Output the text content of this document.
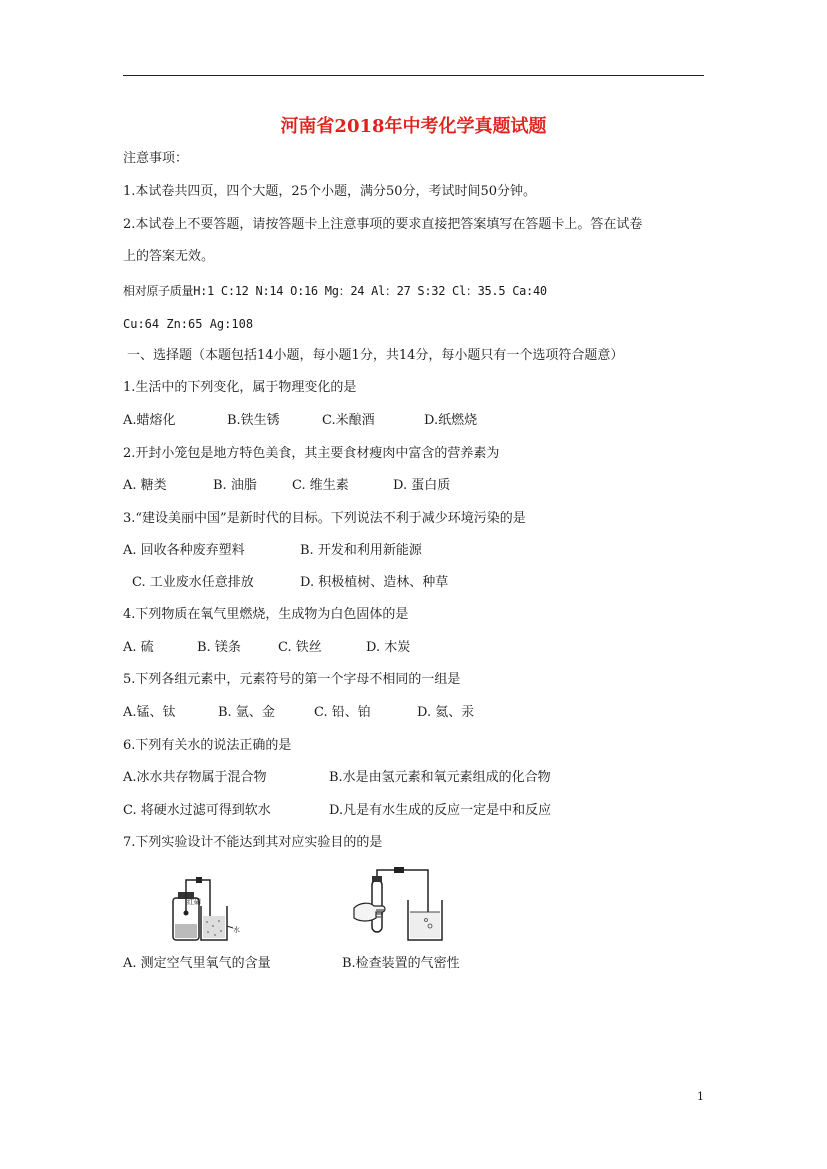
河南省2018年中考化学真题试题
注意事项：
1.本试卷共四页，四个大题，25个小题，满分50分，考试时间50分钟。
2.本试卷上不要答题，请按答题卡上注意事项的要求直接把答案填写在答题卡上。答在试卷
上的答案无效。
相对原子质量H:1 C:12 N:14 O:16 Mg：24 Al：27 S:32 Cl：35.5 Ca:40
Cu:64 Zn:65 Ag:108
一、选择题（本题包括14小题，每小题1分，共14分，每小题只有一个选项符合题意）
1.生活中的下列变化，属于物理变化的是
A.蜡熔化	B.铁生锈	C.米酿酒	D.纸燃烧
2.开封小笼包是地方特色美食，其主要食材瘦肉中富含的营养素为
A. 糖类	B. 油脂	C. 维生素	D. 蛋白质
3.“建设美丽中国”是新时代的目标。下列说法不利于减少环境污染的是
A. 回收各种废弃塑料	B. 开发和利用新能源
C. 工业废水任意排放	D. 积极植树、造林、种草
4.下列物质在氧气里燃烧，生成物为白色固体的是
A. 硫	B. 镁条	C. 铁丝	D. 木炭
5.下列各组元素中，元素符号的第一个字母不相同的一组是
A.锰、钛	B. 氩、金	C. 铅、铂	D. 氦、汞
6.下列有关水的说法正确的是
A.冰水共存物属于混合物	B.水是由氢元素和氧元素组成的化合物
C. 将硬水过滤可得到软水	D.凡是有水生成的反应一定是中和反应
7.下列实验设计不能达到其对应实验目的的是
红磷
水
A. 测定空气里氧气的含量	B.检查装置的气密性
1
